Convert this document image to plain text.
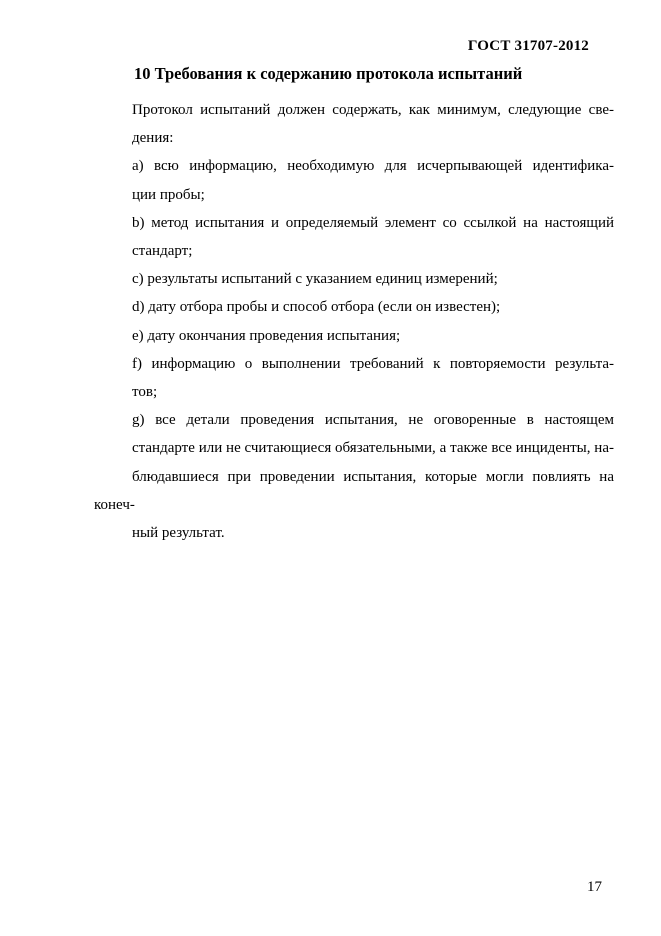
ГОСТ 31707-2012
10 Требования к содержанию протокола испытаний

Протокол испытаний должен содержать, как минимум, следующие све-
дения:

а) всю информацию, необходимую для исчерпывающей идентифика-
ции пробы;

b) метод испытания и определяемый элемент со ссылкой на настоящий
стандарт;

с) результаты испытаний с указанием единиц измерений;

d) дату отбора пробы и способ отбора (если он известен);

е) дату окончания проведения испытания;

f) информацию о выполнении требований к повторяемости результа-
тов;

g) все детали проведения испытания, не оговоренные в настоящем
стандарте или не считающиеся обязательными, а также все инциденты, на-
блюдавшиеся при проведении испытания, которые могли повлиять на конеч-
ный результат.

17
